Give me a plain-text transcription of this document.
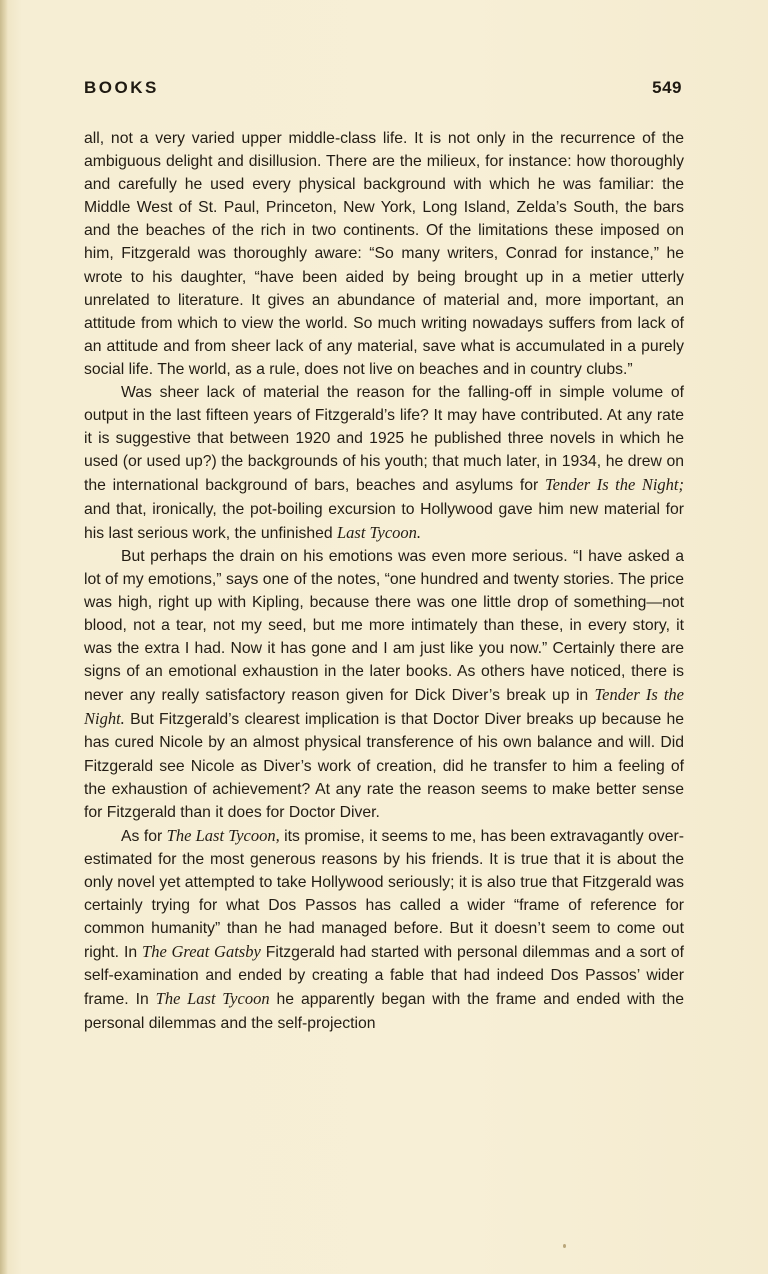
BOOKS	549

all, not a very varied upper middle-class life. It is not only in the recurrence of the ambiguous delight and disillusion. There are the milieux, for instance: how thoroughly and carefully he used every physical background with which he was familiar: the Middle West of St. Paul, Princeton, New York, Long Island, Zelda’s South, the bars and the beaches of the rich in two continents. Of the limitations these imposed on him, Fitzgerald was thoroughly aware: “So many writers, Conrad for instance,” he wrote to his daughter, “have been aided by being brought up in a metier utterly unrelated to literature. It gives an abundance of material and, more important, an attitude from which to view the world. So much writing nowadays suffers from lack of an attitude and from sheer lack of any material, save what is accumulated in a purely social life. The world, as a rule, does not live on beaches and in country clubs.”

Was sheer lack of material the reason for the falling-off in simple volume of output in the last fifteen years of Fitzgerald’s life? It may have contributed. At any rate it is suggestive that between 1920 and 1925 he published three novels in which he used (or used up?) the backgrounds of his youth; that much later, in 1934, he drew on the international background of bars, beaches and asylums for Tender Is the Night; and that, ironically, the pot-boiling excursion to Hollywood gave him new material for his last serious work, the unfinished Last Tycoon.

But perhaps the drain on his emotions was even more serious. “I have asked a lot of my emotions,” says one of the notes, “one hundred and twenty stories. The price was high, right up with Kipling, because there was one little drop of something—not blood, not a tear, not my seed, but me more intimately than these, in every story, it was the extra I had. Now it has gone and I am just like you now.” Certainly there are signs of an emotional exhaustion in the later books. As others have noticed, there is never any really satisfactory reason given for Dick Diver’s break up in Tender Is the Night. But Fitzgerald’s clearest implication is that Doctor Diver breaks up because he has cured Nicole by an almost physical transference of his own balance and will. Did Fitzgerald see Nicole as Diver’s work of creation, did he transfer to him a feeling of the exhaustion of achievement? At any rate the reason seems to make better sense for Fitzgerald than it does for Doctor Diver.

As for The Last Tycoon, its promise, it seems to me, has been extravagantly over-estimated for the most generous reasons by his friends. It is true that it is about the only novel yet attempted to take Hollywood seriously; it is also true that Fitzgerald was certainly trying for what Dos Passos has called a wider “frame of reference for common humanity” than he had managed before. But it doesn’t seem to come out right. In The Great Gatsby Fitzgerald had started with personal dilemmas and a sort of self-examination and ended by creating a fable that had indeed Dos Passos’ wider frame. In The Last Tycoon he apparently began with the frame and ended with the personal dilemmas and the self-projection
